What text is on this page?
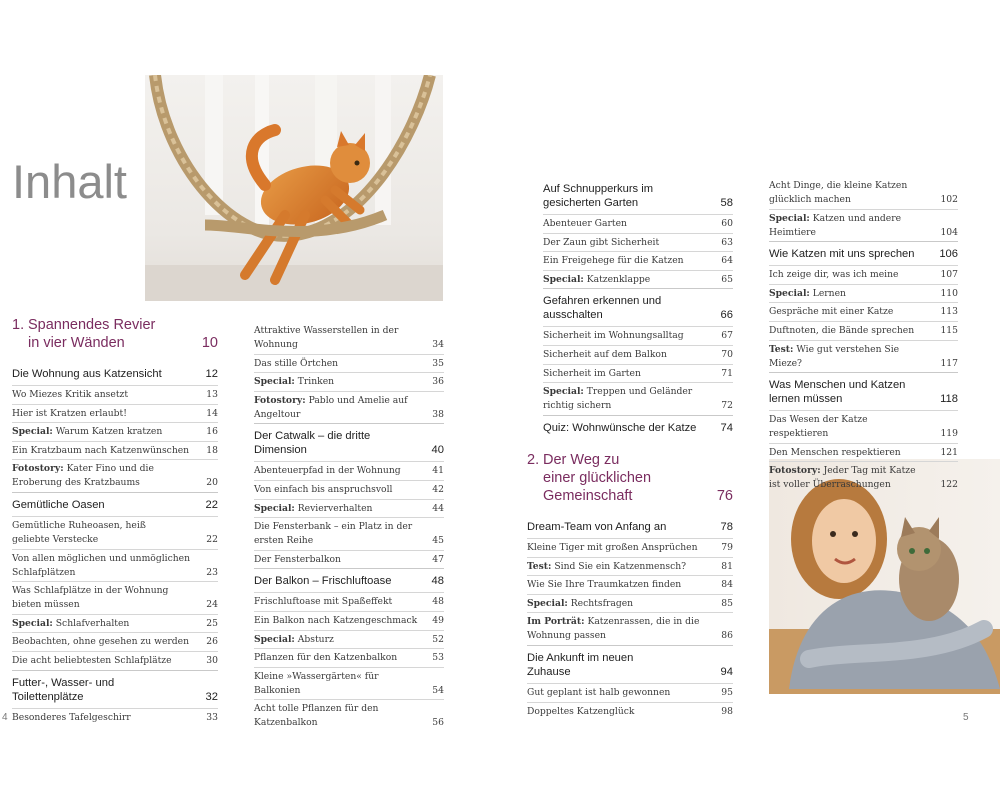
Inhalt
1. Spannendes Revier
in vier Wänden	10
Die Wohnung aus Katzensicht	12
Wo Miezes Kritik ansetzt	13
Hier ist Kratzen erlaubt!	14
Special: Warum Katzen kratzen	16
Ein Kratzbaum nach Katzenwünschen	18
Fotostory: Kater Fino und die
Eroberung des Kratzbaums	20
Gemütliche Oasen	22
Gemütliche Ruheoasen, heiß
geliebte Verstecke	22
Von allen möglichen und unmöglichen
Schlafplätzen	23
Was Schlafplätze in der Wohnung
bieten müssen	24
Special: Schlafverhalten	25
Beobachten, ohne gesehen zu werden	26
Die acht beliebtesten Schlafplätze	30
Futter-, Wasser- und
Toilettenplätze	32
Besonderes Tafelgeschirr	33
Attraktive Wasserstellen in der
Wohnung	34
Das stille Örtchen	35
Special: Trinken	36
Fotostory: Pablo und Amelie auf
Angeltour	38
Der Catwalk – die dritte
Dimension	40
Abenteuerpfad in der Wohnung	41
Von einfach bis anspruchsvoll	42
Special: Revierverhalten	44
Die Fensterbank – ein Platz in der
ersten Reihe	45
Der Fensterbalkon	47
Der Balkon – Frischluftoase	48
Frischluftoase mit Spaßeffekt	48
Ein Balkon nach Katzengeschmack	49
Special: Absturz	52
Pflanzen für den Katzenbalkon	53
Kleine »Wassergärten« für
Balkonien	54
Acht tolle Pflanzen für den
Katzenbalkon	56
Auf Schnupperkurs im
gesicherten Garten	58
Abenteuer Garten	60
Der Zaun gibt Sicherheit	63
Ein Freigehege für die Katzen	64
Special: Katzenklappe	65
Gefahren erkennen und
ausschalten	66
Sicherheit im Wohnungsalltag	67
Sicherheit auf dem Balkon	70
Sicherheit im Garten	71
Special: Treppen und Geländer
richtig sichern	72
Quiz: Wohnwünsche der Katze	74
2. Der Weg zu
einer glücklichen
Gemeinschaft	76
Dream-Team von Anfang an	78
Kleine Tiger mit großen Ansprüchen	79
Test: Sind Sie ein Katzenmensch?	81
Wie Sie Ihre Traumkatzen finden	84
Special: Rechtsfragen	85
Im Porträt: Katzenrassen, die in die
Wohnung passen	86
Die Ankunft im neuen
Zuhause	94
Gut geplant ist halb gewonnen	95
Doppeltes Katzenglück	98
Acht Dinge, die kleine Katzen
glücklich machen	102
Special: Katzen und andere
Heimtiere	104
Wie Katzen mit uns sprechen	106
Ich zeige dir, was ich meine	107
Special: Lernen	110
Gespräche mit einer Katze	113
Duftnoten, die Bände sprechen	115
Test: Wie gut verstehen Sie Mieze?	117
Was Menschen und Katzen
lernen müssen	118
Das Wesen der Katze respektieren	119
Den Menschen respektieren	121
Fotostory: Jeder Tag mit Katze
ist voller Überraschungen	122
4	5
